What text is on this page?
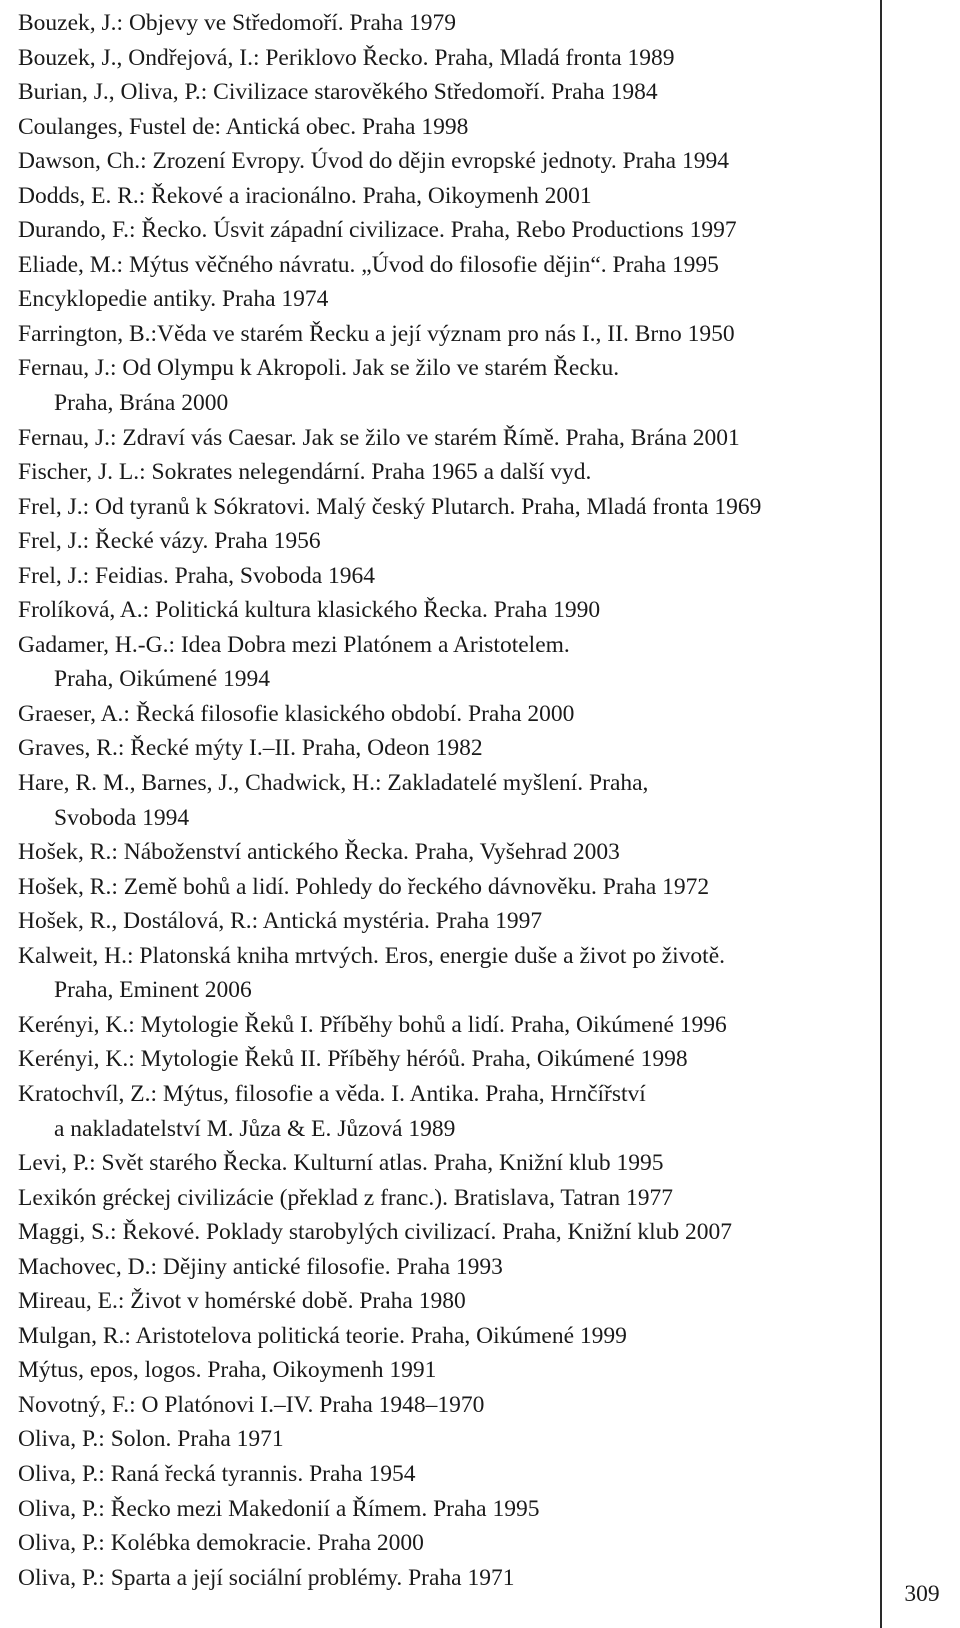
Bouzek, J.: Objevy ve Středomoří. Praha 1979
Bouzek, J., Ondřejová, I.: Periklovo Řecko. Praha, Mladá fronta 1989
Burian, J., Oliva, P.: Civilizace starověkého Středomoří. Praha 1984
Coulanges, Fustel de: Antická obec. Praha 1998
Dawson, Ch.: Zrození Evropy. Úvod do dějin evropské jednoty. Praha 1994
Dodds, E. R.: Řekové a iracionálno. Praha, Oikoymenh 2001
Durando, F.: Řecko. Úsvit západní civilizace. Praha, Rebo Productions 1997
Eliade, M.: Mýtus věčného návratu. „Úvod do filosofie dějin“. Praha 1995
Encyklopedie antiky. Praha 1974
Farrington, B.:Věda ve starém Řecku a její význam pro nás I., II. Brno 1950
Fernau, J.: Od Olympu k Akropoli. Jak se žilo ve starém Řecku.
Praha, Brána 2000
Fernau, J.: Zdraví vás Caesar. Jak se žilo ve starém Římě. Praha, Brána 2001
Fischer, J. L.: Sokrates nelegendární. Praha 1965 a další vyd.
Frel, J.: Od tyranů k Sókratovi. Malý český Plutarch. Praha, Mladá fronta 1969
Frel, J.: Řecké vázy. Praha 1956
Frel, J.: Feidias. Praha, Svoboda 1964
Frolíková, A.: Politická kultura klasického Řecka. Praha 1990
Gadamer, H.-G.: Idea Dobra mezi Platónem a Aristotelem.
Praha, Oikúmené 1994
Graeser, A.: Řecká filosofie klasického období. Praha 2000
Graves, R.: Řecké mýty I.–II. Praha, Odeon 1982
Hare, R. M., Barnes, J., Chadwick, H.: Zakladatelé myšlení. Praha,
Svoboda 1994
Hošek, R.: Náboženství antického Řecka. Praha, Vyšehrad 2003
Hošek, R.: Země bohů a lidí. Pohledy do řeckého dávnověku. Praha 1972
Hošek, R., Dostálová, R.: Antická mystéria. Praha 1997
Kalweit, H.: Platonská kniha mrtvých. Eros, energie duše a život po životě.
Praha, Eminent 2006
Kerényi, K.: Mytologie Řeků I. Příběhy bohů a lidí. Praha, Oikúmené 1996
Kerényi, K.: Mytologie Řeků II. Příběhy héróů. Praha, Oikúmené 1998
Kratochvíl, Z.: Mýtus, filosofie a věda. I. Antika. Praha, Hrnčířství
a nakladatelství M. Jůza & E. Jůzová 1989
Levi, P.: Svět starého Řecka. Kulturní atlas. Praha, Knižní klub 1995
Lexikón gréckej civilizácie (překlad z franc.). Bratislava, Tatran 1977
Maggi, S.: Řekové. Poklady starobylých civilizací. Praha, Knižní klub 2007
Machovec, D.: Dějiny antické filosofie. Praha 1993
Mireau, E.: Život v homérské době. Praha 1980
Mulgan, R.: Aristotelova politická teorie. Praha, Oikúmené 1999
Mýtus, epos, logos. Praha, Oikoymenh 1991
Novotný, F.: O Platónovi I.–IV. Praha 1948–1970
Oliva, P.: Solon. Praha 1971
Oliva, P.: Raná řecká tyrannis. Praha 1954
Oliva, P.: Řecko mezi Makedonií a Římem. Praha 1995
Oliva, P.: Kolébka demokracie. Praha 2000
Oliva, P.: Sparta a její sociální problémy. Praha 1971
309
